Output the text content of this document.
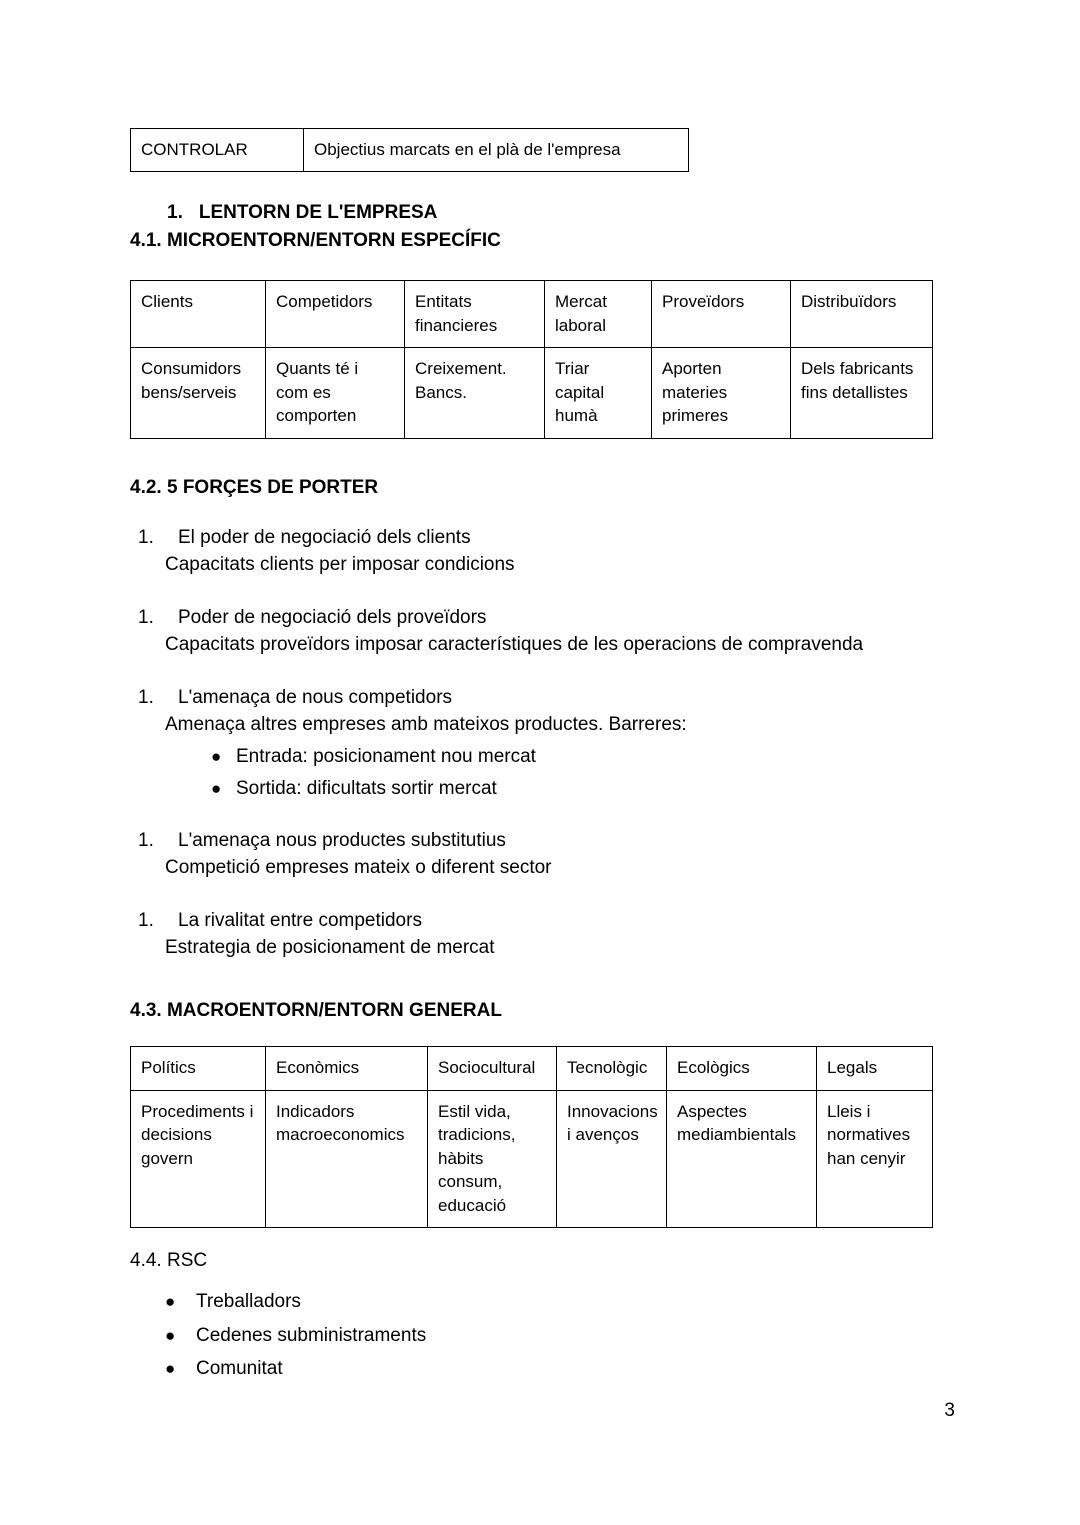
CONTROLAR	Objectius marcats en el plà de l'empresa
1. LENTORN DE L'EMPRESA
4.1. MICROENTORN/ENTORN ESPECÍFIC
Clients	Competidors	Entitats financieres	Mercat laboral	Proveïdors	Distribuïdors
Consumidors bens/serveis	Quants té i com es comporten	Creixement. Bancs.	Triar capital humà	Aporten materies primeres	Dels fabricants fins detallistes
4.2. 5 FORÇES DE PORTER
1. El poder de negociació dels clients
Capacitats clients per imposar condicions
1. Poder de negociació dels proveïdors
Capacitats proveïdors imposar característiques de les operacions de compravenda
1. L'amenaça de nous competidors
Amenaça altres empreses amb mateixos productes. Barreres:
● Entrada: posicionament nou mercat
● Sortida: dificultats sortir mercat
1. L'amenaça nous productes substitutius
Competició empreses mateix o diferent sector
1. La rivalitat entre competidors
Estrategia de posicionament de mercat
4.3. MACROENTORN/ENTORN GENERAL
Polítics	Econòmics	Sociocultural	Tecnològic	Ecològics	Legals
Procediments i decisions govern	Indicadors macroeconomics	Estil vida, tradicions, hàbits consum, educació	Innovacions i avenços	Aspectes mediambientals	Lleis i normatives han cenyir
4.4. RSC
● Treballadors
● Cedenes subministraments
● Comunitat
3
